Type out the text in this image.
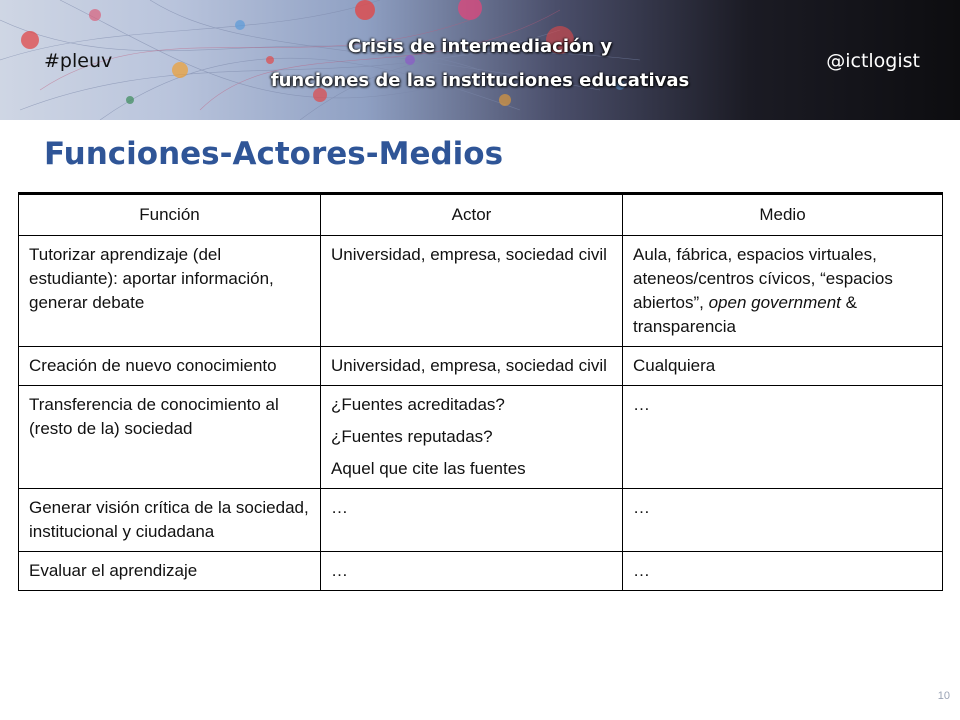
#pleuv
Crisis de intermediación y
funciones de las instituciones educativas
@ictlogist
Funciones-Actores-Medios
Función	Actor	Medio
Tutorizar aprendizaje (del estudiante): aportar información, generar debate	Universidad, empresa, sociedad civil	Aula, fábrica, espacios virtuales, ateneos/centros cívicos, “espacios abiertos”, open government & transparencia
Creación de nuevo conocimiento	Universidad, empresa, sociedad civil	Cualquiera
Transferencia de conocimiento al (resto de la) sociedad	¿Fuentes acreditadas?
¿Fuentes reputadas?
Aquel que cite las fuentes	…
Generar visión crítica de la sociedad, institucional y ciudadana	…	…
Evaluar el aprendizaje	…	…
10
